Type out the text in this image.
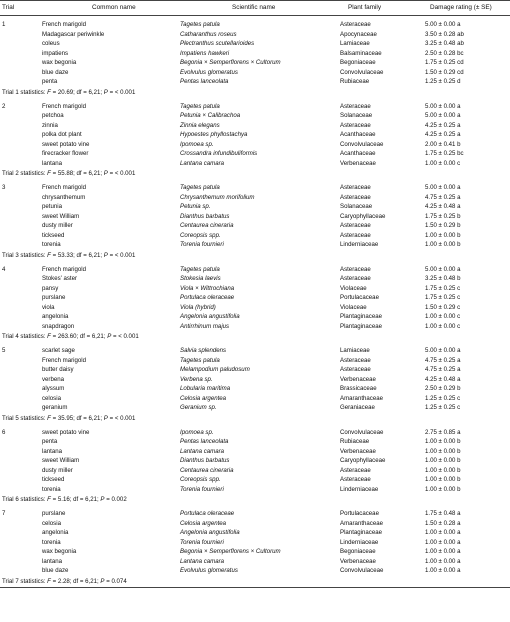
Trial	Common name	Scientific name	Plant family	Damage rating (± SE)
1	French marigold	Tagetes patula	Asteraceae	5.00 ± 0.00 a
Madagascar periwinkle	Catharanthus roseus	Apocynaceae	3.50 ± 0.28 ab
coleus	Plectranthus scutellarioides	Lamiaceae	3.25 ± 0.48 ab
impatiens	Impatiens hawkeri	Balsaminaceae	2.50 ± 0.28 bc
wax begonia	Begonia × Semperflorens × Cultorum	Begoniaceae	1.75 ± 0.25 cd
blue daze	Evolvulus glomeratus	Convolvulaceae	1.50 ± 0.29 cd
penta	Pentas lanceolata	Rubiaceae	1.25 ± 0.25 d
Trial 1 statistics: F = 20.69; df = 6,21; P = < 0.001
2	French marigold	Tagetes patula	Asteraceae	5.00 ± 0.00 a
petchoa	Petunia × Calibrachoa	Solanaceae	5.00 ± 0.00 a
zinnia	Zinnia elegans	Asteraceae	4.25 ± 0.25 a
polka dot plant	Hypoestes phyllostachya	Acanthaceae	4.25 ± 0.25 a
sweet potato vine	Ipomoea sp.	Convolvulaceae	2.00 ± 0.41 b
firecracker flower	Crossandra infundibuliformis	Acanthaceae	1.75 ± 0.25 bc
lantana	Lantana camara	Verbenaceae	1.00 ± 0.00 c
Trial 2 statistics: F = 55.88; df = 6,21; P = < 0.001
3	French marigold	Tagetes patula	Asteraceae	5.00 ± 0.00 a
chrysanthemum	Chrysanthemum morifolium	Asteraceae	4.75 ± 0.25 a
petunia	Petunia sp.	Solanaceae	4.25 ± 0.48 a
sweet William	Dianthus barbatus	Caryophyllaceae	1.75 ± 0.25 b
dusty miller	Centaurea cineraria	Asteraceae	1.50 ± 0.29 b
tickseed	Coreopsis spp.	Asteraceae	1.00 ± 0.00 b
torenia	Torenia fournieri	Linderniaceae	1.00 ± 0.00 b
Trial 3 statistics: F = 53.33; df = 6,21; P = < 0.001
4	French marigold	Tagetes patula	Asteraceae	5.00 ± 0.00 a
Stokes' aster	Stokesia laevis	Asteraceae	3.25 ± 0.48 b
pansy	Viola × Wittrochiana	Violaceae	1.75 ± 0.25 c
purslane	Portulaca oleraceae	Portulacaceae	1.75 ± 0.25 c
viola	Viola (hybrid)	Violaceae	1.50 ± 0.29 c
angelonia	Angelonia angustifolia	Plantaginaceae	1.00 ± 0.00 c
snapdragon	Antirrhinum majus	Plantaginaceae	1.00 ± 0.00 c
Trial 4 statistics: F = 263.60; df = 6,21; P = < 0.001
5	scarlet sage	Salvia splendens	Lamiaceae	5.00 ± 0.00 a
French marigold	Tagetes patula	Asteraceae	4.75 ± 0.25 a
butter daisy	Melampodium paludosum	Asteraceae	4.75 ± 0.25 a
verbena	Verbena sp.	Verbenaceae	4.25 ± 0.48 a
alyssum	Lobularia maritima	Brassicaceae	2.50 ± 0.29 b
celosia	Celosia argentea	Amaranthaceae	1.25 ± 0.25 c
geranium	Geranium sp.	Geraniaceae	1.25 ± 0.25 c
Trial 5 statistics: F = 35.95; df = 6,21; P = < 0.001
6	sweet potato vine	Ipomoea sp.	Convolvulaceae	2.75 ± 0.85 a
penta	Pentas lanceolata	Rubiaceae	1.00 ± 0.00 b
lantana	Lantana camara	Verbenaceae	1.00 ± 0.00 b
sweet William	Dianthus barbatus	Caryophyllaceae	1.00 ± 0.00 b
dusty miller	Centaurea cineraria	Asteraceae	1.00 ± 0.00 b
tickseed	Coreopsis spp.	Asteraceae	1.00 ± 0.00 b
torenia	Torenia fournieri	Linderniaceae	1.00 ± 0.00 b
Trial 6 statistics: F = 5.16; df = 6,21; P = 0.002
7	purslane	Portulaca oleraceae	Portulacaceae	1.75 ± 0.48 a
celosia	Celosia argentea	Amaranthaceae	1.50 ± 0.28 a
angelonia	Angelonia angustifolia	Plantaginaceae	1.00 ± 0.00 a
torenia	Torenia fournieri	Linderniaceae	1.00 ± 0.00 a
wax begonia	Begonia × Semperflorens × Cultorum	Begoniaceae	1.00 ± 0.00 a
lantana	Lantana camara	Verbenaceae	1.00 ± 0.00 a
blue daze	Evolvulus glomeratus	Convolvulaceae	1.00 ± 0.00 a
Trial 7 statistics: F = 2.28; df = 6,21; P = 0.074
